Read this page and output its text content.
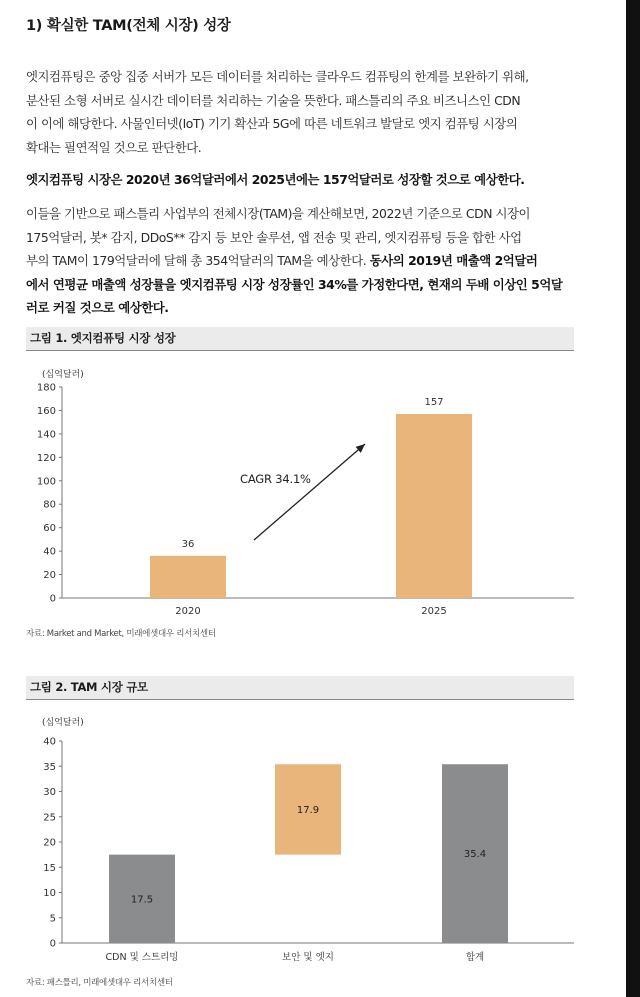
1) 확실한 TAM(전체 시장) 성장
엣지컴퓨팅은 중앙 집중 서버가 모든 데이터를 처리하는 클라우드 컴퓨팅의 한계를 보완하기 위해,
분산된 소형 서버로 실시간 데이터를 처리하는 기술을 뜻한다. 패스틀리의 주요 비즈니스인 CDN
이 이에 해당한다. 사물인터넷(IoT) 기기 확산과 5G에 따른 네트워크 발달로 엣지 컴퓨팅 시장의
확대는 필연적일 것으로 판단한다.
엣지컴퓨팅 시장은 2020년 36억달러에서 2025년에는 157억달러로 성장할 것으로 예상한다.
이들을 기반으로 패스틀리 사업부의 전체시장(TAM)을 계산해보면, 2022년 기준으로 CDN 시장이
175억달러, 봇* 감지, DDoS** 감지 등 보안 솔루션, 앱 전송 및 관리, 엣지컴퓨팅 등을 합한 사업
부의 TAM이 179억달러에 달해 총 354억달러의 TAM을 예상한다. 동사의 2019년 매출액 2억달러
에서 연평균 매출액 성장률을 엣지컴퓨팅 시장 성장률인 34%를 가정한다면, 현재의 두배 이상인 5억달
러로 커질 것으로 예상한다.
그림 1. 엣지컴퓨팅 시장 성장
(십억달러)
0
20
40
60
80
100
120
140
160
180
36
2020
157
2025
CAGR 34.1%
자료: Market and Market, 미래에셋대우 리서치센터
그림 2. TAM 시장 규모
(십억달러)
0
5
10
15
20
25
30
35
40
17.5
CDN 및 스트리밍
17.9
보안 및 엣지
35.4
합계
자료: 패스틀리, 미래에셋대우 리서치센터
